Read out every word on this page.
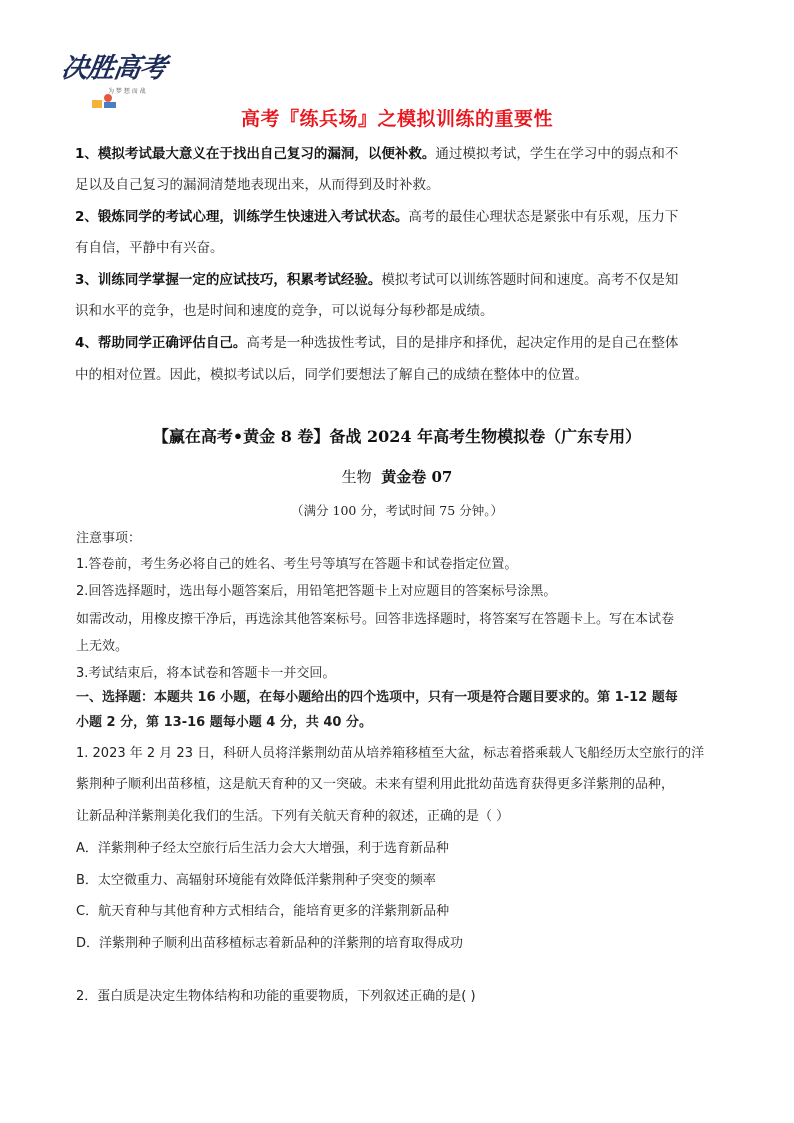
决胜高考
为 梦 想 而 战
高考『练兵场』之模拟训练的重要性
1、模拟考试最大意义在于找出自己复习的漏洞，以便补救。通过模拟考试，学生在学习中的弱点和不
足以及自己复习的漏洞清楚地表现出来，从而得到及时补救。
2、锻炼同学的考试心理，训练学生快速进入考试状态。高考的最佳心理状态是紧张中有乐观，压力下
有自信，平静中有兴奋。
3、训练同学掌握一定的应试技巧，积累考试经验。模拟考试可以训练答题时间和速度。高考不仅是知
识和水平的竞争，也是时间和速度的竞争，可以说每分每秒都是成绩。
4、帮助同学正确评估自己。高考是一种选拔性考试，目的是排序和择优，起决定作用的是自己在整体
中的相对位置。因此，模拟考试以后，同学们要想法了解自己的成绩在整体中的位置。
【赢在高考•黄金 8 卷】备战 2024 年高考生物模拟卷（广东专用）
生物 黄金卷 07
（满分 100 分，考试时间 75 分钟。）
注意事项：
1.答卷前，考生务必将自己的姓名、考生号等填写在答题卡和试卷指定位置。
2.回答选择题时，选出每小题答案后，用铅笔把答题卡上对应题目的答案标号涂黑。
如需改动，用橡皮擦干净后，再选涂其他答案标号。回答非选择题时，将答案写在答题卡上。写在本试卷
上无效。
3.考试结束后，将本试卷和答题卡一并交回。
一、选择题：本题共 16 小题，在每小题给出的四个选项中，只有一项是符合题目要求的。第 1-12 题每
小题 2 分，第 13-16 题每小题 4 分，共 40 分。
1. 2023 年 2 月 23 日，科研人员将洋紫荆幼苗从培养箱移植至大盆，标志着搭乘载人飞船经历太空旅行的洋
紫荆种子顺利出苗移植，这是航天育种的又一突破。未来有望利用此批幼苗选育获得更多洋紫荆的品种，
让新品种洋紫荆美化我们的生活。下列有关航天育种的叙述，正确的是（ ）
A．洋紫荆种子经太空旅行后生活力会大大增强，利于选育新品种
B．太空微重力、高辐射环境能有效降低洋紫荆种子突变的频率
C．航天育种与其他育种方式相结合，能培育更多的洋紫荆新品种
D．洋紫荆种子顺利出苗移植标志着新品种的洋紫荆的培育取得成功
2．蛋白质是决定生物体结构和功能的重要物质，下列叙述正确的是( )
